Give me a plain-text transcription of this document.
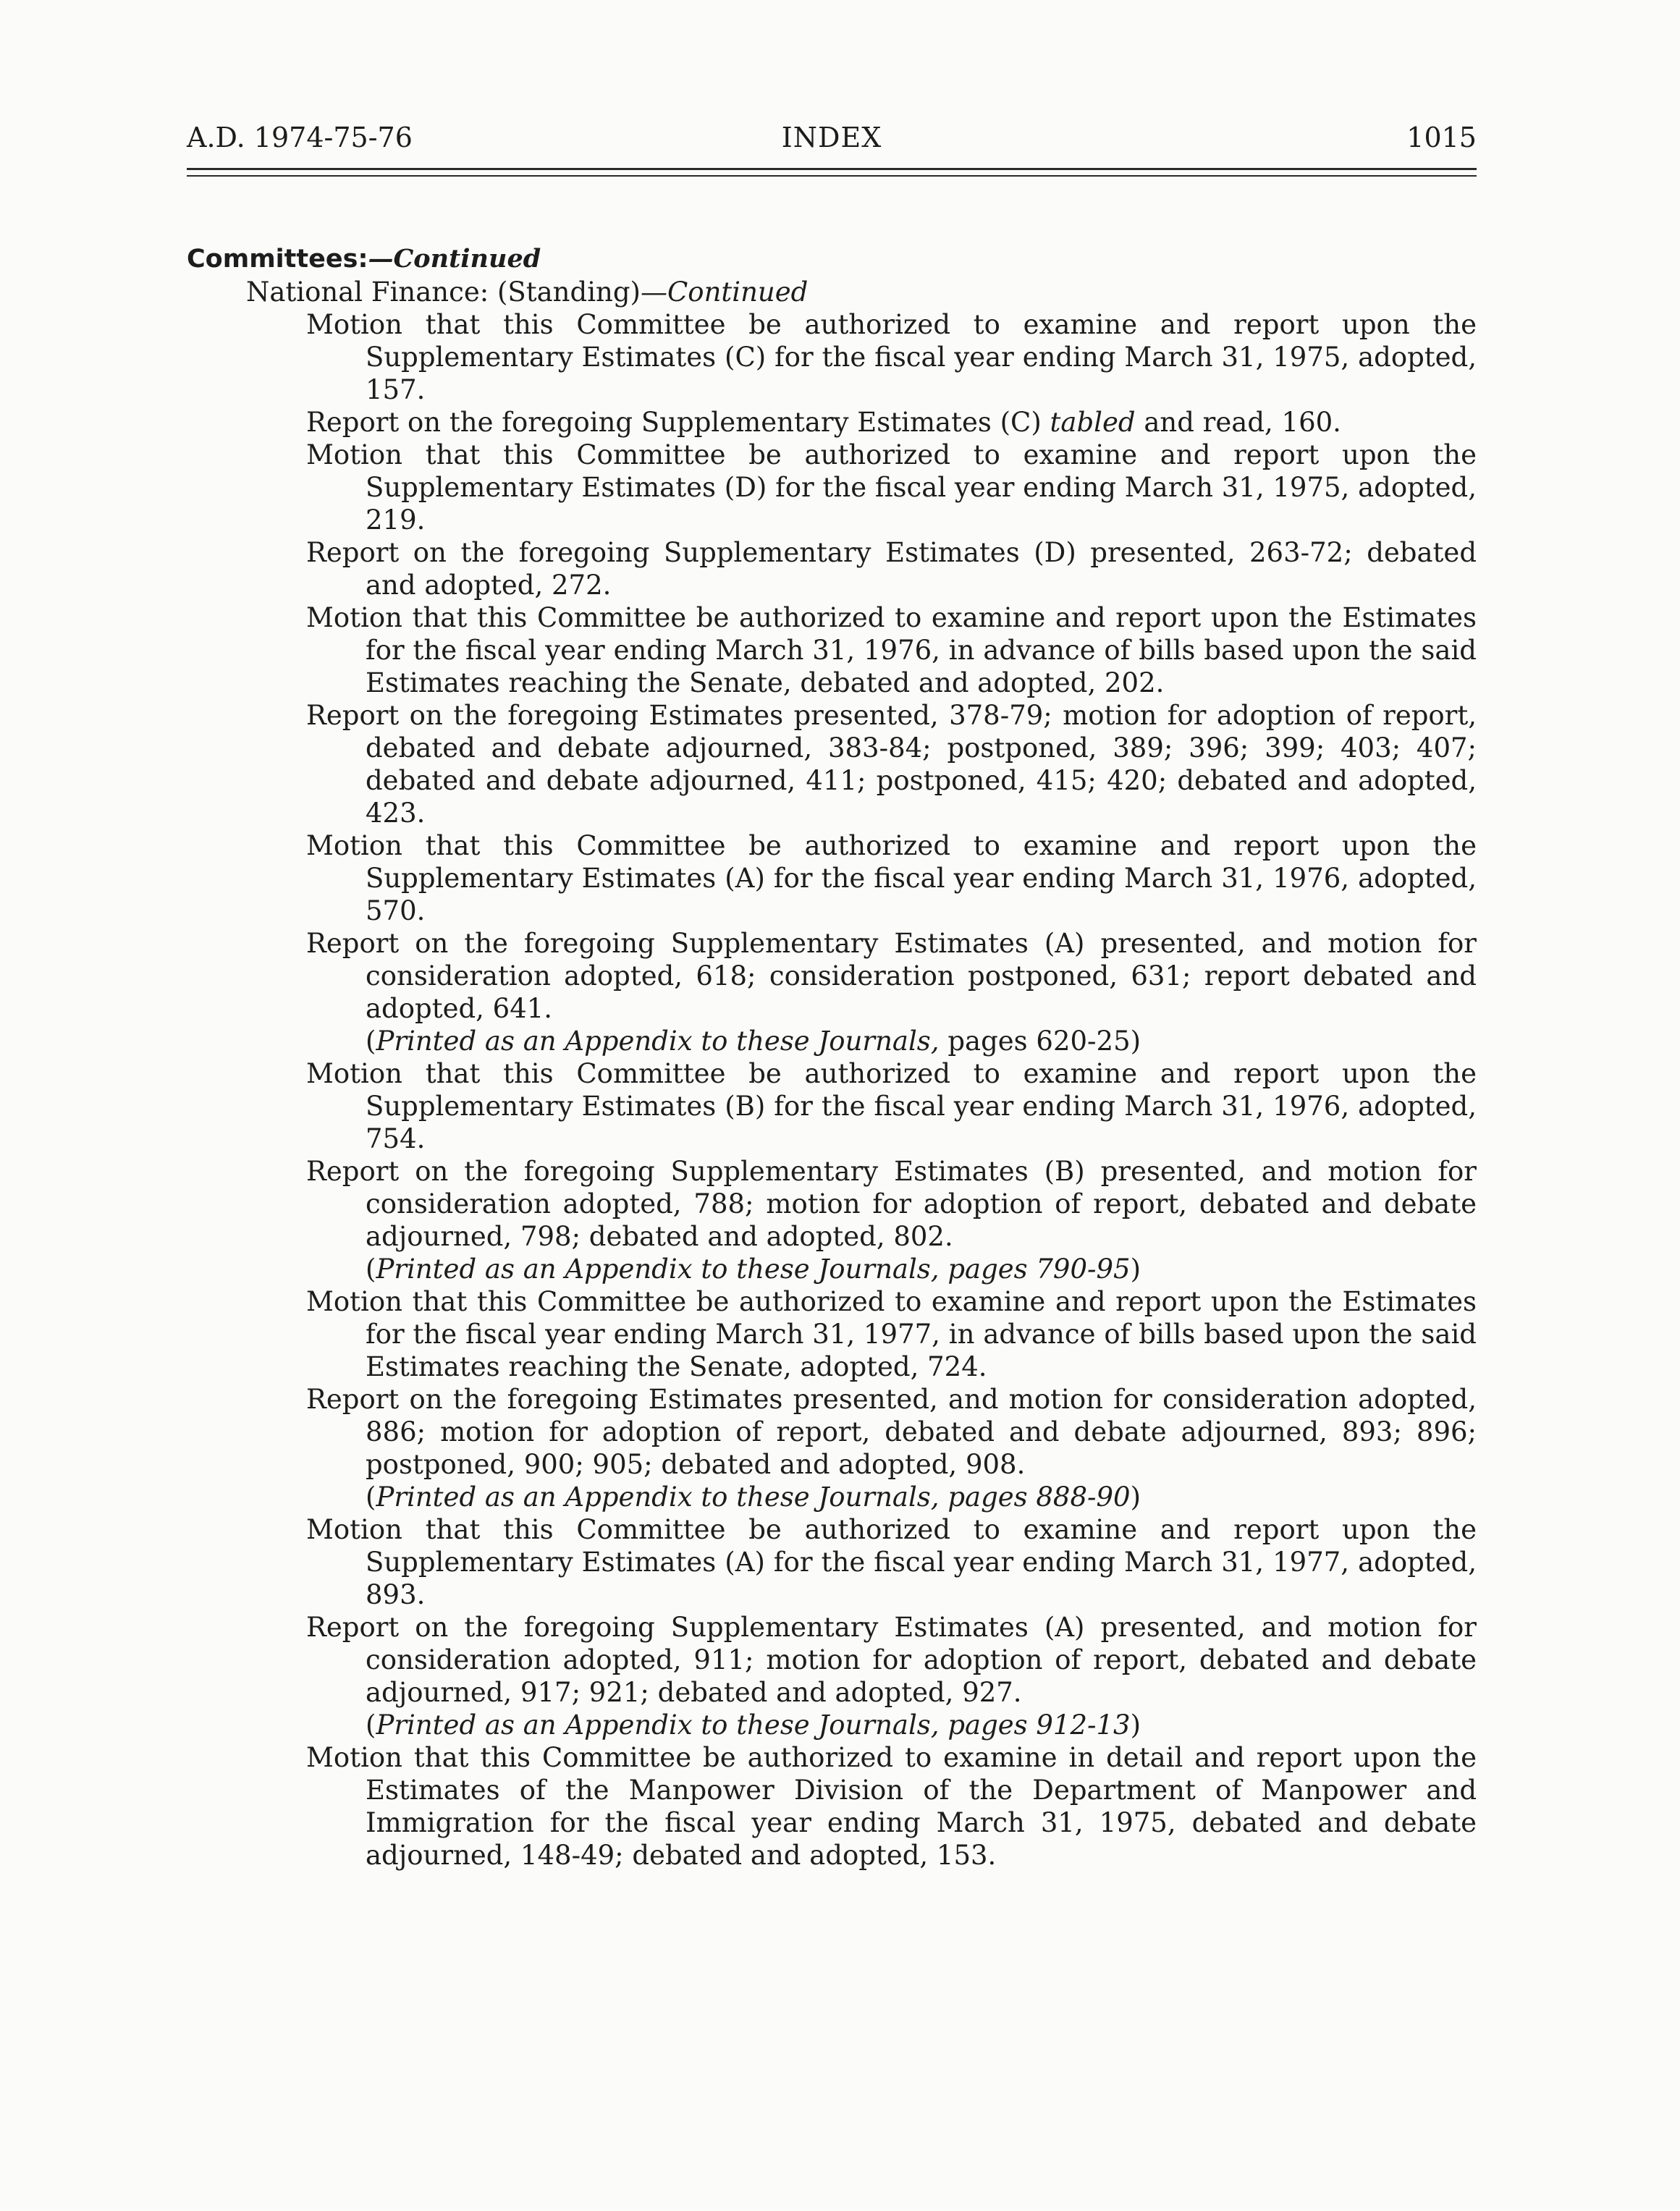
A.D. 1974-75-76	INDEX	1015

Committees:—Continued

National Finance: (Standing)—Continued

Motion that this Committee be authorized to examine and report upon the Supplementary Estimates (C) for the fiscal year ending March 31, 1975, adopted, 157.

Report on the foregoing Supplementary Estimates (C) tabled and read, 160.

Motion that this Committee be authorized to examine and report upon the Supplementary Estimates (D) for the fiscal year ending March 31, 1975, adopted, 219.

Report on the foregoing Supplementary Estimates (D) presented, 263-72; debated and adopted, 272.

Motion that this Committee be authorized to examine and report upon the Estimates for the fiscal year ending March 31, 1976, in advance of bills based upon the said Estimates reaching the Senate, debated and adopted, 202.

Report on the foregoing Estimates presented, 378-79; motion for adoption of report, debated and debate adjourned, 383-84; postponed, 389; 396; 399; 403; 407; debated and debate adjourned, 411; postponed, 415; 420; debated and adopted, 423.

Motion that this Committee be authorized to examine and report upon the Supplementary Estimates (A) for the fiscal year ending March 31, 1976, adopted, 570.

Report on the foregoing Supplementary Estimates (A) presented, and motion for consideration adopted, 618; consideration postponed, 631; report debated and adopted, 641.

(Printed as an Appendix to these Journals, pages 620-25)

Motion that this Committee be authorized to examine and report upon the Supplementary Estimates (B) for the fiscal year ending March 31, 1976, adopted, 754.

Report on the foregoing Supplementary Estimates (B) presented, and motion for consideration adopted, 788; motion for adoption of report, debated and debate adjourned, 798; debated and adopted, 802.

(Printed as an Appendix to these Journals, pages 790-95)

Motion that this Committee be authorized to examine and report upon the Estimates for the fiscal year ending March 31, 1977, in advance of bills based upon the said Estimates reaching the Senate, adopted, 724.

Report on the foregoing Estimates presented, and motion for consideration adopted, 886; motion for adoption of report, debated and debate adjourned, 893; 896; postponed, 900; 905; debated and adopted, 908.

(Printed as an Appendix to these Journals, pages 888-90)

Motion that this Committee be authorized to examine and report upon the Supplementary Estimates (A) for the fiscal year ending March 31, 1977, adopted, 893.

Report on the foregoing Supplementary Estimates (A) presented, and motion for consideration adopted, 911; motion for adoption of report, debated and debate adjourned, 917; 921; debated and adopted, 927.

(Printed as an Appendix to these Journals, pages 912-13)

Motion that this Committee be authorized to examine in detail and report upon the Estimates of the Manpower Division of the Department of Manpower and Immigration for the fiscal year ending March 31, 1975, debated and debate adjourned, 148-49; debated and adopted, 153.
